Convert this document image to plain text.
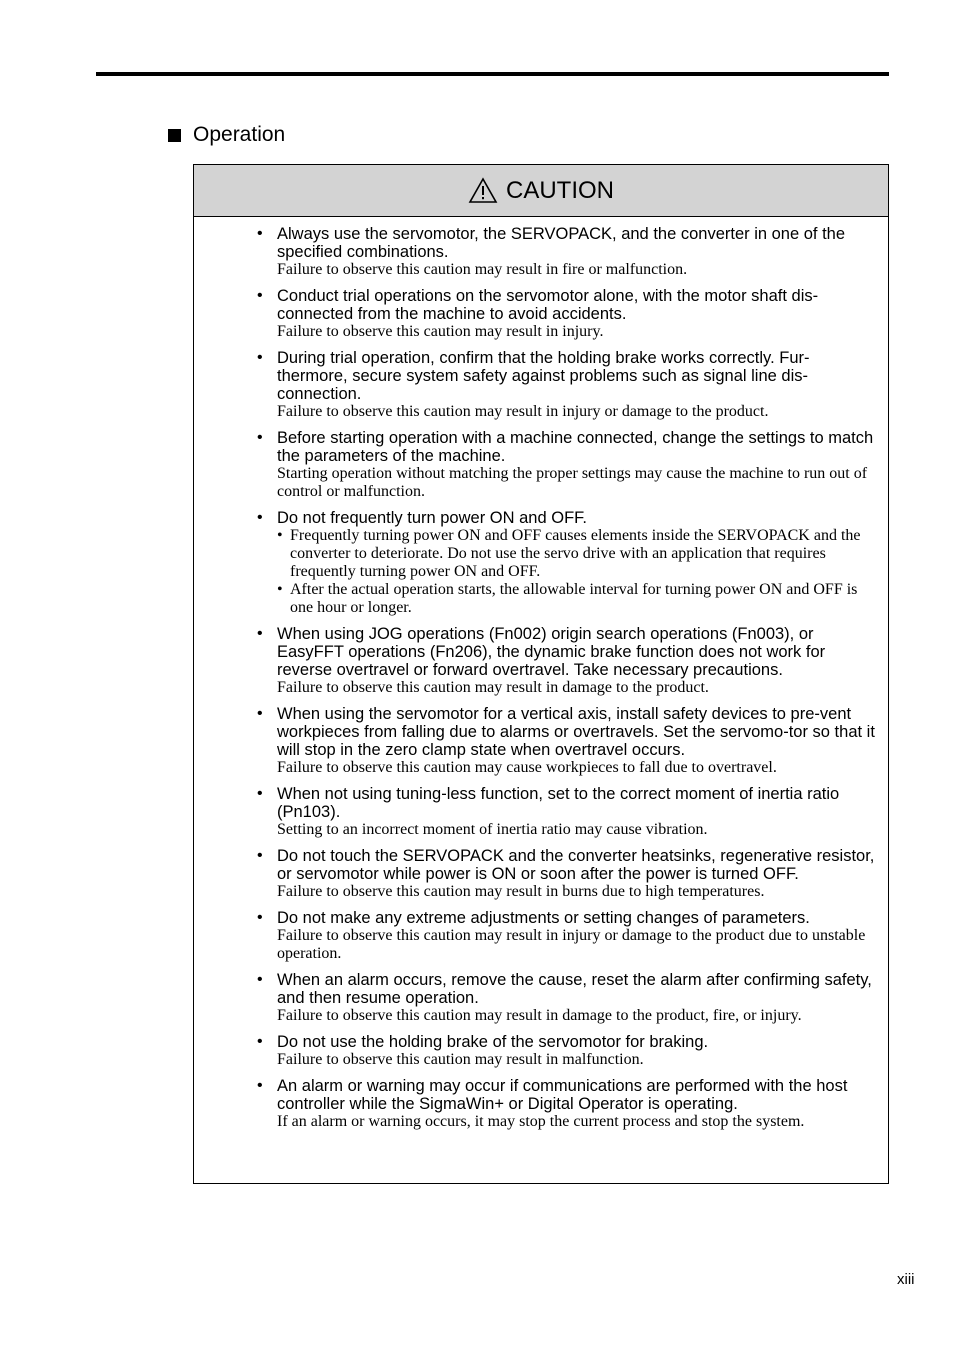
Operation
CAUTION
• Always use the servomotor, the SERVOPACK, and the converter in one of the specified combinations.
Failure to observe this caution may result in fire or malfunction.
• Conduct trial operations on the servomotor alone, with the motor shaft dis-connected from the machine to avoid accidents.
Failure to observe this caution may result in injury.
• During trial operation, confirm that the holding brake works correctly. Fur-thermore, secure system safety against problems such as signal line dis-connection.
Failure to observe this caution may result in injury or damage to the product.
• Before starting operation with a machine connected, change the settings to match the parameters of the machine.
Starting operation without matching the proper settings may cause the machine to run out of control or malfunction.
• Do not frequently turn power ON and OFF.
• Frequently turning power ON and OFF causes elements inside the SERVOPACK and the converter to deteriorate. Do not use the servo drive with an application that requires frequently turning power ON and OFF.
• After the actual operation starts, the allowable interval for turning power ON and OFF is one hour or longer.
• When using JOG operations (Fn002) origin search operations (Fn003), or EasyFFT operations (Fn206), the dynamic brake function does not work for reverse overtravel or forward overtravel. Take necessary precautions.
Failure to observe this caution may result in damage to the product.
• When using the servomotor for a vertical axis, install safety devices to pre-vent workpieces from falling due to alarms or overtravels. Set the servomo-tor so that it will stop in the zero clamp state when overtravel occurs.
Failure to observe this caution may cause workpieces to fall due to overtravel.
• When not using tuning-less function, set to the correct moment of inertia ratio (Pn103).
Setting to an incorrect moment of inertia ratio may cause vibration.
• Do not touch the SERVOPACK and the converter heatsinks, regenerative resistor, or servomotor while power is ON or soon after the power is turned OFF.
Failure to observe this caution may result in burns due to high temperatures.
• Do not make any extreme adjustments or setting changes of parameters.
Failure to observe this caution may result in injury or damage to the product due to unstable operation.
• When an alarm occurs, remove the cause, reset the alarm after confirming safety, and then resume operation.
Failure to observe this caution may result in damage to the product, fire, or injury.
• Do not use the holding brake of the servomotor for braking.
Failure to observe this caution may result in malfunction.
• An alarm or warning may occur if communications are performed with the host controller while the SigmaWin+ or Digital Operator is operating.
If an alarm or warning occurs, it may stop the current process and stop the system.
xiii
